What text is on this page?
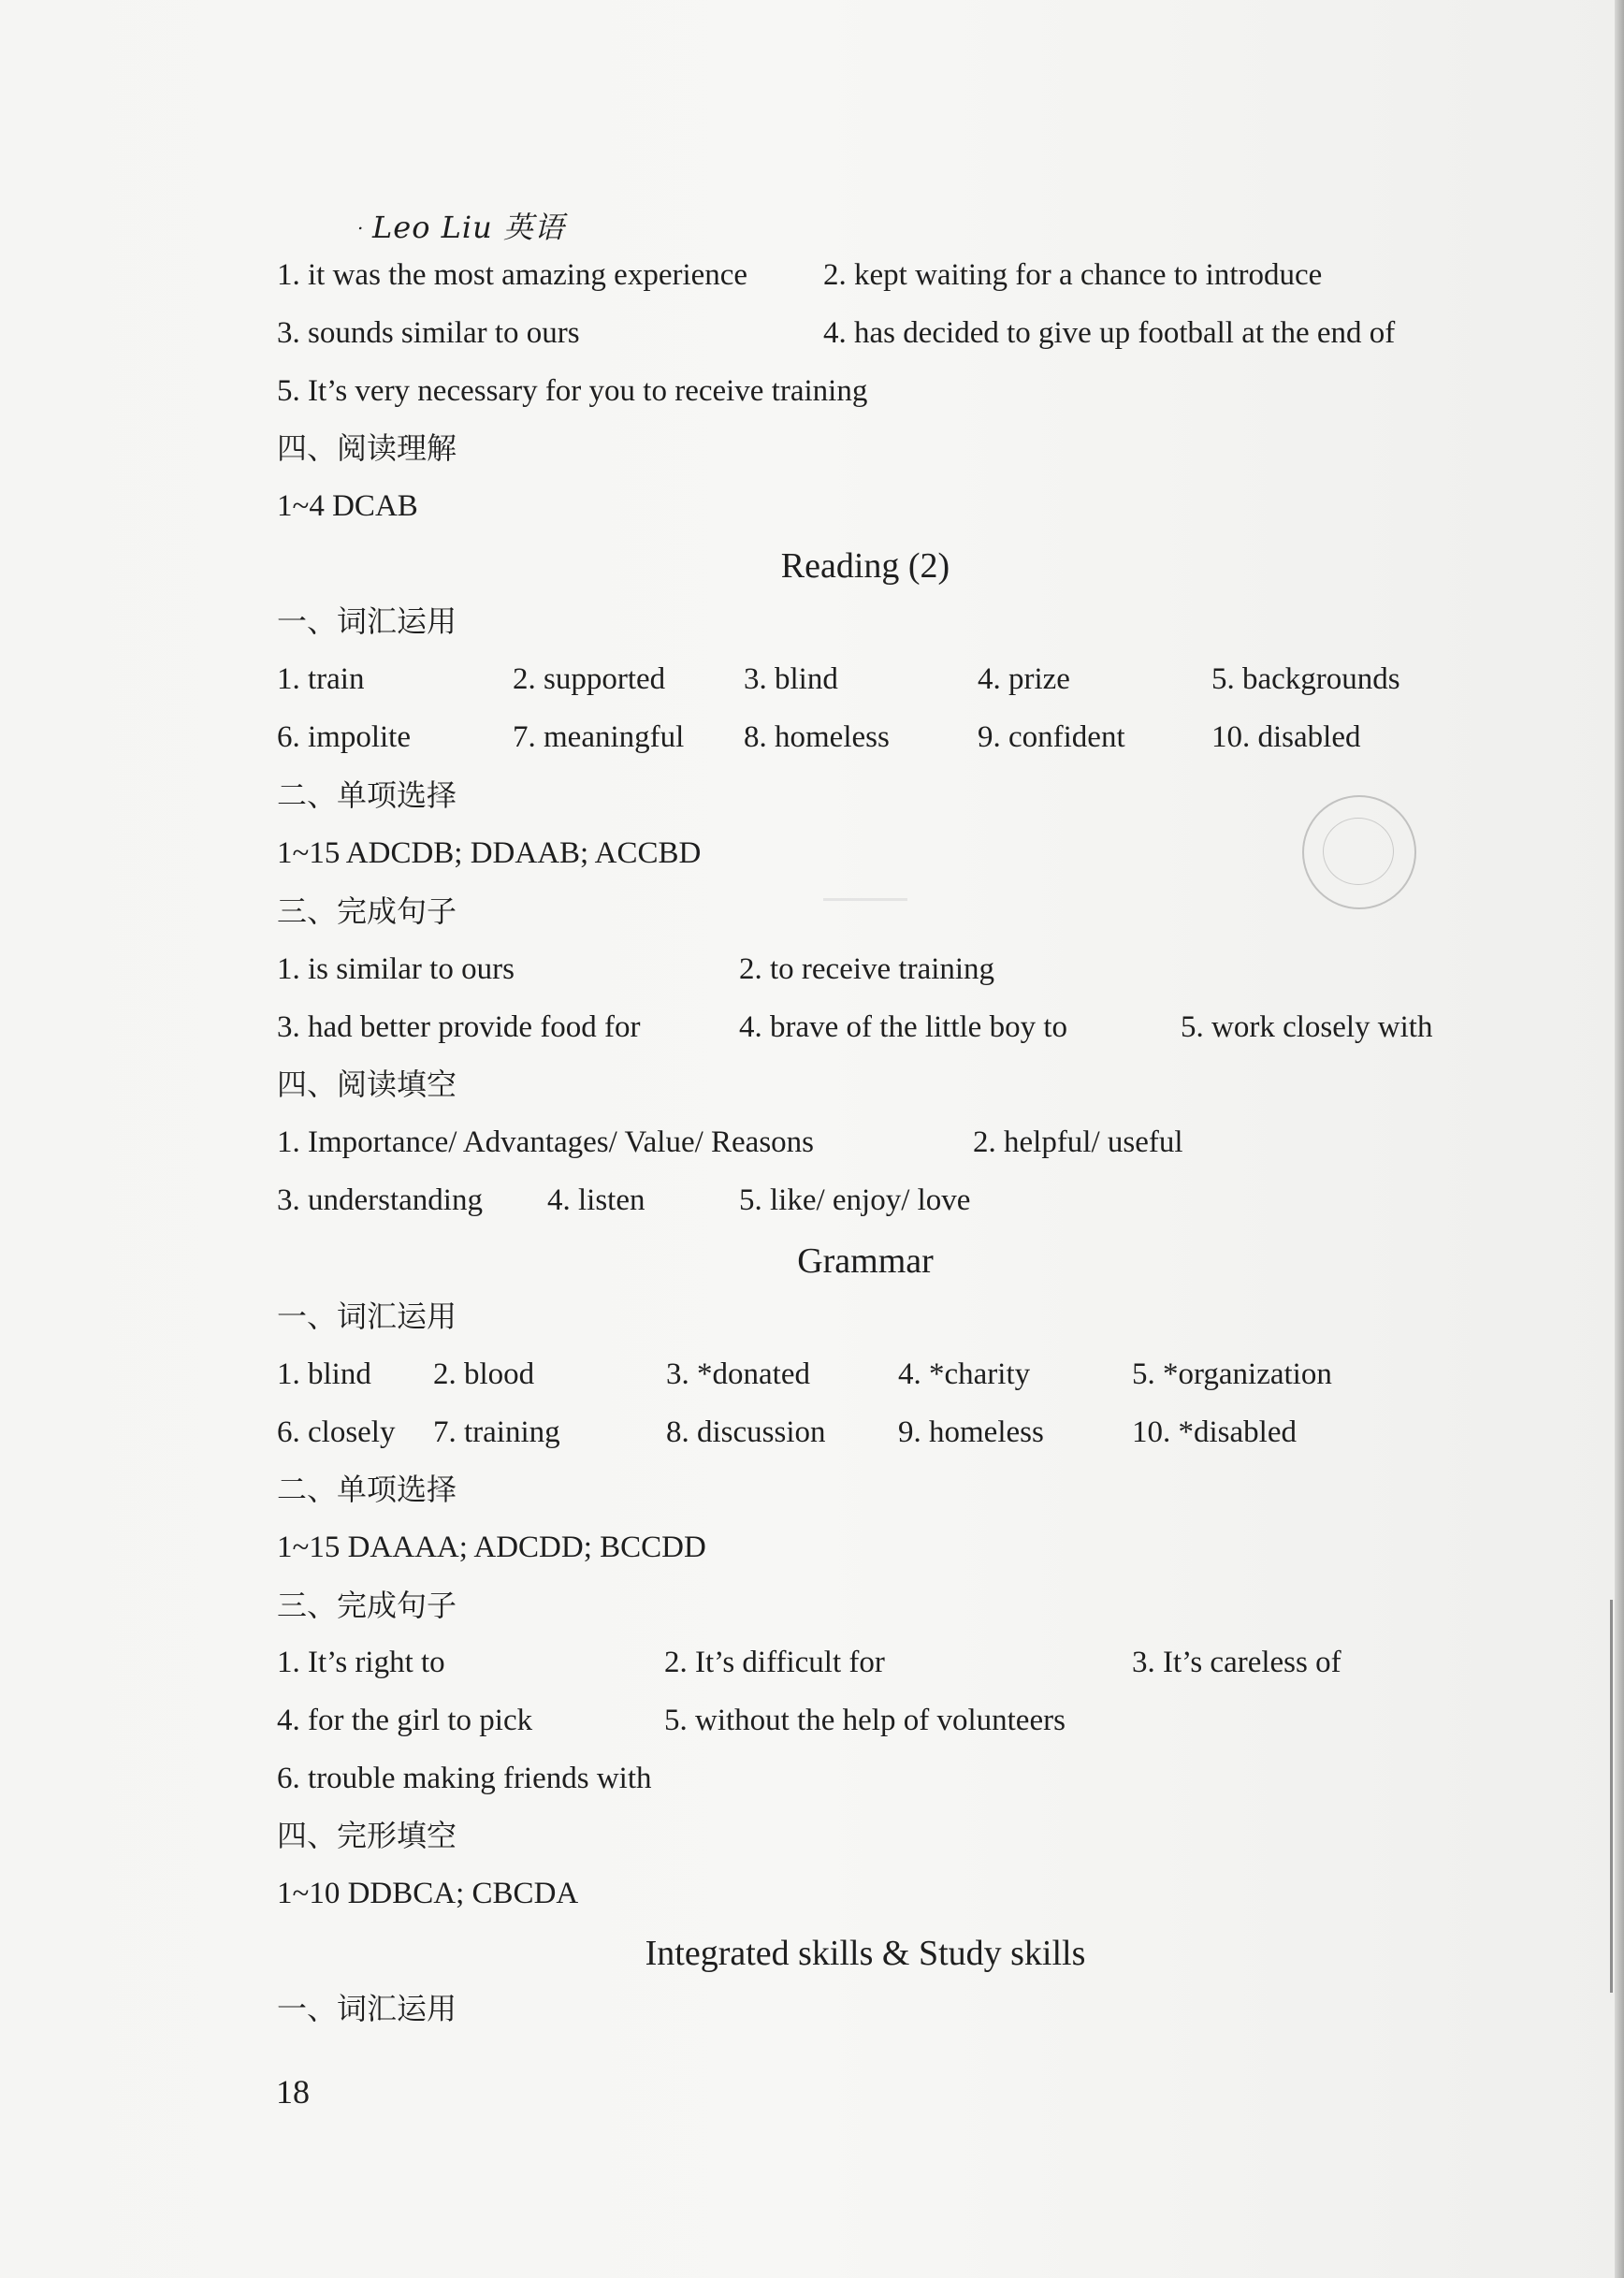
. Leo Liu 英语
1. it was the most amazing experience 2. kept waiting for a chance to introduce
3. sounds similar to ours	4. has decided to give up football at the end of
5. It’s very necessary for you to receive training
四、阅读理解
1~4 DCAB
Reading (2)
一、词汇运用
1. train	2. supported	3. blind	4. prize	5. backgrounds
6. impolite	7. meaningful 8. homeless	9. confident	10. disabled
二、单项选择
1~15 ADCDB; DDAAB; ACCBD
三、完成句子
1. is similar to ours	2. to receive training
3. had better provide food for	4. brave of the little boy to	5. work closely with
四、阅读填空
1. Importance/ Advantages/ Value/ Reasons	2. helpful/ useful
3. understanding 4. listen	5. like/ enjoy/ love
Grammar
一、词汇运用
1. blind 2. blood	3. *donated	4. *charity	5. *organization
6. closely 7. training	8. discussion 9. homeless	10. *disabled
二、单项选择
1~15 DAAAA; ADCDD; BCCDD
三、完成句子
1. It’s right to	2. It’s difficult for	3. It’s careless of
4. for the girl to pick	5. without the help of volunteers
6. trouble making friends with
四、完形填空
1~10 DDBCA; CBCDA
Integrated skills & Study skills
一、词汇运用
18
